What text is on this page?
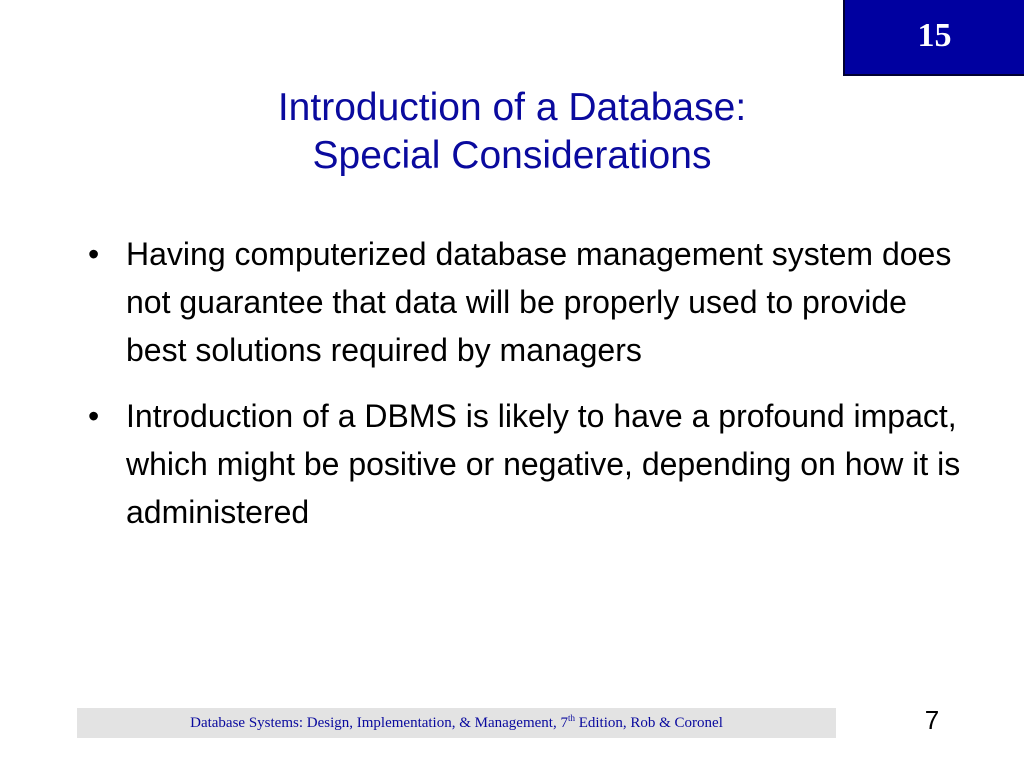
15
Introduction of a Database:
Special Considerations
• Having computerized database management system does not guarantee that data will be properly used to provide best solutions required by managers
• Introduction of a DBMS is likely to have a profound impact, which might be positive or negative, depending on how it is administered
Database Systems: Design, Implementation, & Management, 7th Edition, Rob & Coronel	7
